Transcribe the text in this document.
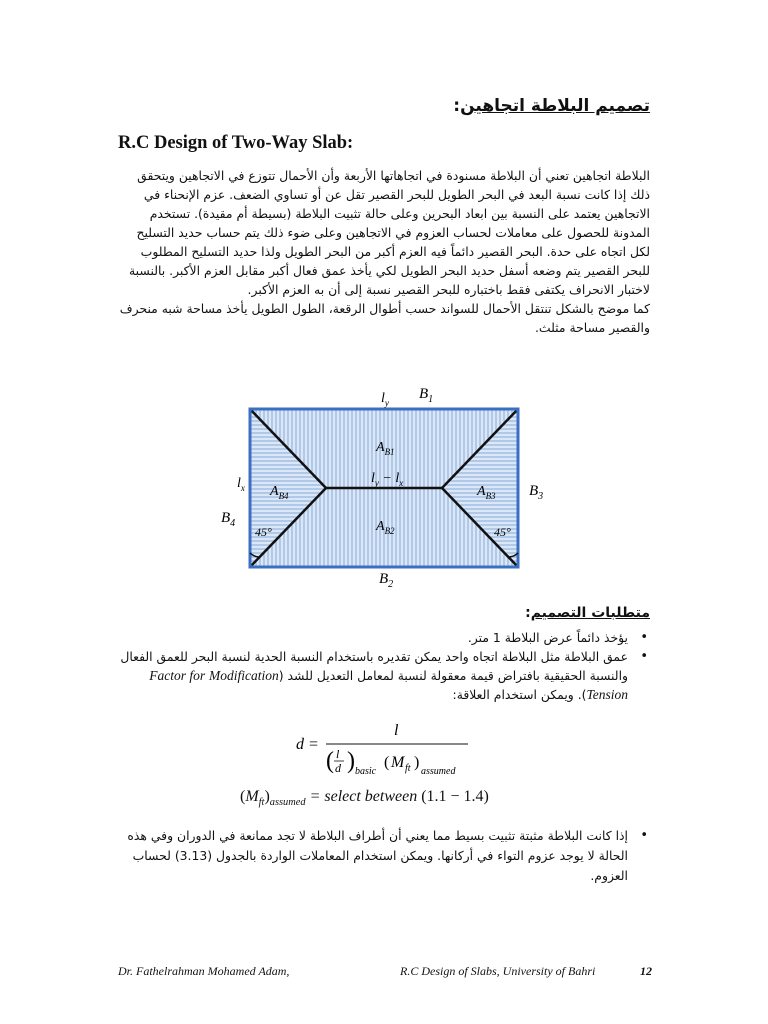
تصميم البلاطة اتجاهين:
R.C Design of Two-Way Slab:

البلاطة اتجاهين تعني أن البلاطة مسنودة في اتجاهاتها الأربعة وأن الأحمال تتوزع في الاتجاهين ويتحقق ذلك إذا كانت نسبة البعد في البحر الطويل للبحر القصير تقل عن أو تساوي الضعف. عزم الإنحناء في الاتجاهين يعتمد على النسبة بين ابعاد البحرين وعلى حالة تثبيت البلاطة (بسيطة أم مقيدة). تستخدم المدونة للحصول على معاملات لحساب العزوم في الاتجاهين وعلى ضوء ذلك يتم حساب حديد التسليح لكل اتجاه على حدة. البحر القصير دائماً فيه العزم أكبر من البحر الطويل ولذا حديد التسليح المطلوب للبحر القصير يتم وضعه أسفل حديد البحر الطويل لكي يأخذ عمق فعال أكبر مقابل العزم الأكبر. بالنسبة لاختبار الانحراف يكتفى فقط باختباره للبحر القصير نسبة إلى أن به العزم الأكبر.

كما موضح بالشكل تنتقل الأحمال للسواند حسب أطوال الرقعة، الطول الطويل يأخذ مساحة شبه منحرف والقصير مساحة مثلث.

$l_y$
$B_1$
$l_x$
$B_4$
$B_3$
$B_2$
$A_{B1}$
$A_{B2}$
$A_{B3}$
$A_{B4}$
$l_y - l_x$
45°	45°
متطلبات التصميم:
• يؤخذ دائماً عرض البلاطة 1 متر.
• عمق البلاطة مثل البلاطة اتجاه واحد يمكن تقديره باستخدام النسبة الحدية لنسبة البحر للعمق الفعال والنسبة الحقيقية بافتراض قيمة معقولة لنسبة لمعامل التعديل للشد (Modification Factor for Tension). ويمكن استخدام العلاقة:
d =
l
( l
d ) basic
( M ft )
assumed
$(M_{ft})_{assumed}$ = select between (1.1 − 1.4)
• إذا كانت البلاطة مثبتة تثبيت بسيط مما يعني أن أطراف البلاطة لا تجد ممانعة في الدوران وفي هذه الحالة لا يوجد عزوم التواء في أركانها. ويمكن استخدام المعاملات الواردة بالجدول (3.13) لحساب العزوم.
Dr. Fathelrahman Mohamed Adam,	R.C Design of Slabs, University of Bahri	12
